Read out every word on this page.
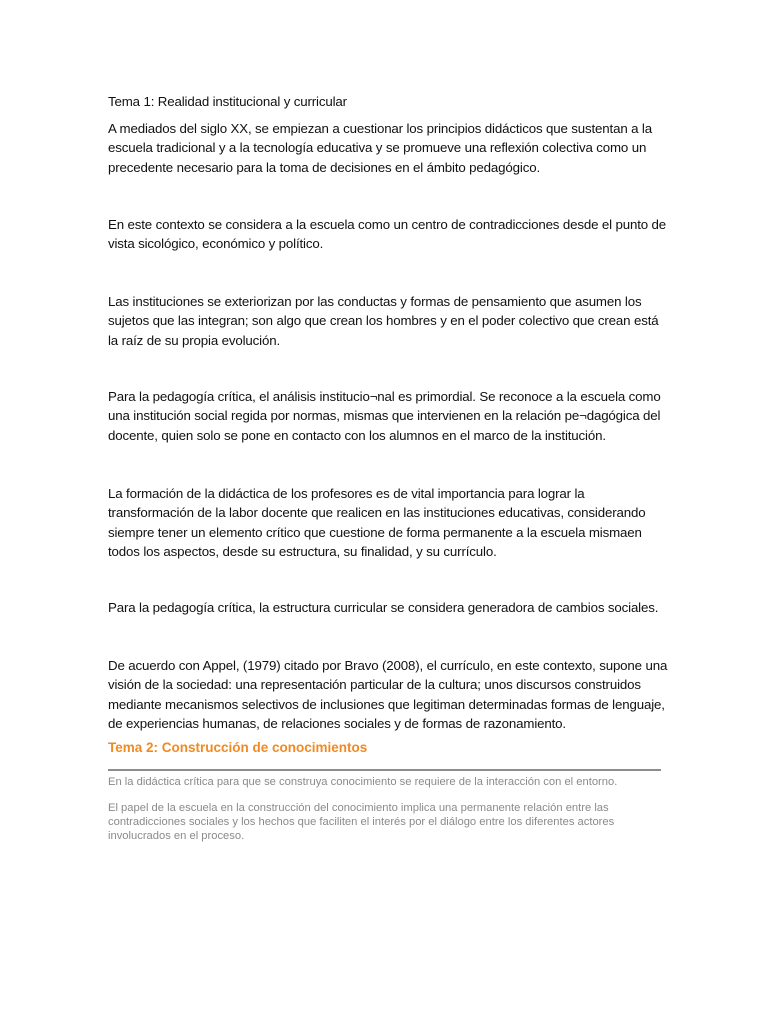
Tema 1: Realidad institucional y curricular

A mediados del siglo XX, se empiezan a cuestionar los principios didácticos que sustentan a la escuela tradicional y a la tecnología educativa y se promueve una reflexión colectiva como un precedente necesario para la toma de decisiones en el ámbito pedagógico.

En este contexto se considera a la escuela como un centro de contradicciones desde el punto de vista sicológico, económico y político.

Las instituciones se exteriorizan por las conductas y formas de pensamiento que asumen los sujetos que las integran; son algo que crean los hombres y en el poder colectivo que crean está la raíz de su propia evolución.

Para la pedagogía crítica, el análisis institucio¬nal es primordial. Se reconoce a la escuela como una institución social regida por normas, mismas que intervienen en la relación pe¬dagógica del docente, quien solo se pone en contacto con los alumnos en el marco de la institución.

La formación de la didáctica de los profesores es de vital importancia para lograr la transformación de la labor docente que realicen en las instituciones educativas, considerando siempre tener un elemento crítico que cuestione de forma permanente a la escuela mismaen todos los aspectos, desde su estructura, su finalidad, y su currículo.

Para la pedagogía crítica, la estructura curricular se considera generadora de cambios sociales.

De acuerdo con Appel, (1979) citado por Bravo (2008), el currículo, en este contexto, supone una visión de la sociedad: una representación particular de la cultura; unos discursos construidos mediante mecanismos selectivos de inclusiones que legitiman determinadas formas de lenguaje, de experiencias humanas, de relaciones sociales y de formas de razonamiento.

Tema 2: Construcción de conocimientos

En la didáctica crítica para que se construya conocimiento se requiere de la interacción con el entorno.

El papel de la escuela en la construcción del conocimiento implica una permanente relación entre las contradicciones sociales y los hechos que faciliten el interés por el diálogo entre los diferentes actores involucrados en el proceso.
